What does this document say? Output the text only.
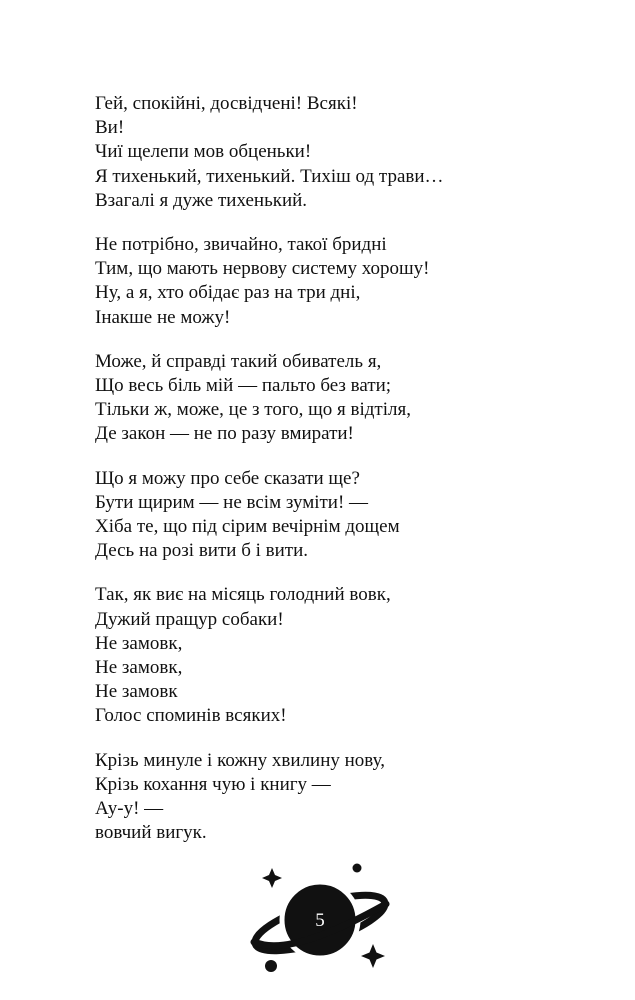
Гей, спокійні, досвідчені! Всякі!
Ви!
Чиї щелепи мов обценьки!
Я тихенький, тихенький. Тихіш од трави…
Взагалі я дуже тихенький.
Не потрібно, звичайно, такої бридні
Тим, що мають нервову систему хорошу!
Ну, а я, хто обідає раз на три дні,
Інакше не можу!
Може, й справді такий обиватель я,
Що весь біль мій — пальто без вати;
Тільки ж, може, це з того, що я відтіля,
Де закон — не по разу вмирати!
Що я можу про себе сказати ще?
Бути щирим — не всім зуміти! —
Хіба те, що під сірим вечірнім дощем
Десь на розі вити б і вити.
Так, як виє на місяць голодний вовк,
Дужий пращур собаки!
Не замовк,
Не замовк,
Не замовк
Голос споминів всяких!
Крізь минуле і кожну хвилину нову,
Крізь кохання чую і книгу —
Ау-у! —
вовчий вигук.
5
